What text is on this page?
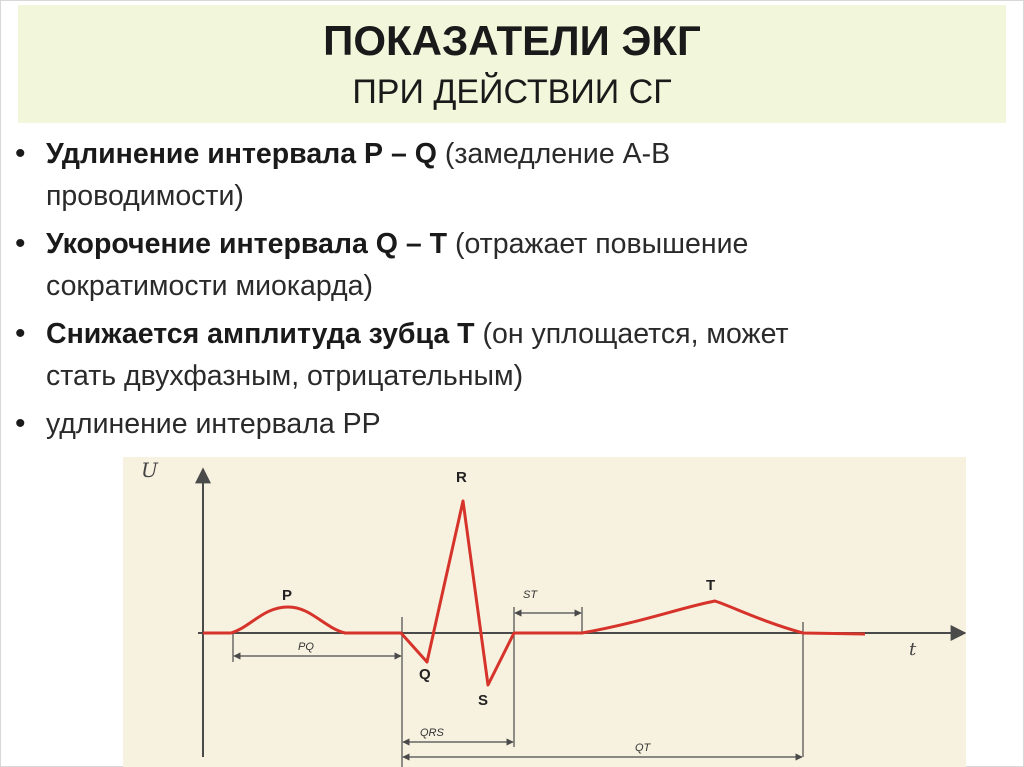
ПОКАЗАТЕЛИ ЭКГ
ПРИ ДЕЙСТВИИ СГ
• Удлинение интервала Р – Q (замедление А-В
проводимости)
• Укорочение интервала Q – T (отражает повышение
сократимости миокарда)
• Снижается амплитуда зубца Т (он уплощается, может
стать двухфазным, отрицательным)
• удлинение интервала РР
U
t
PQ
QRS
ST
QT
P
Q
R
S
T
